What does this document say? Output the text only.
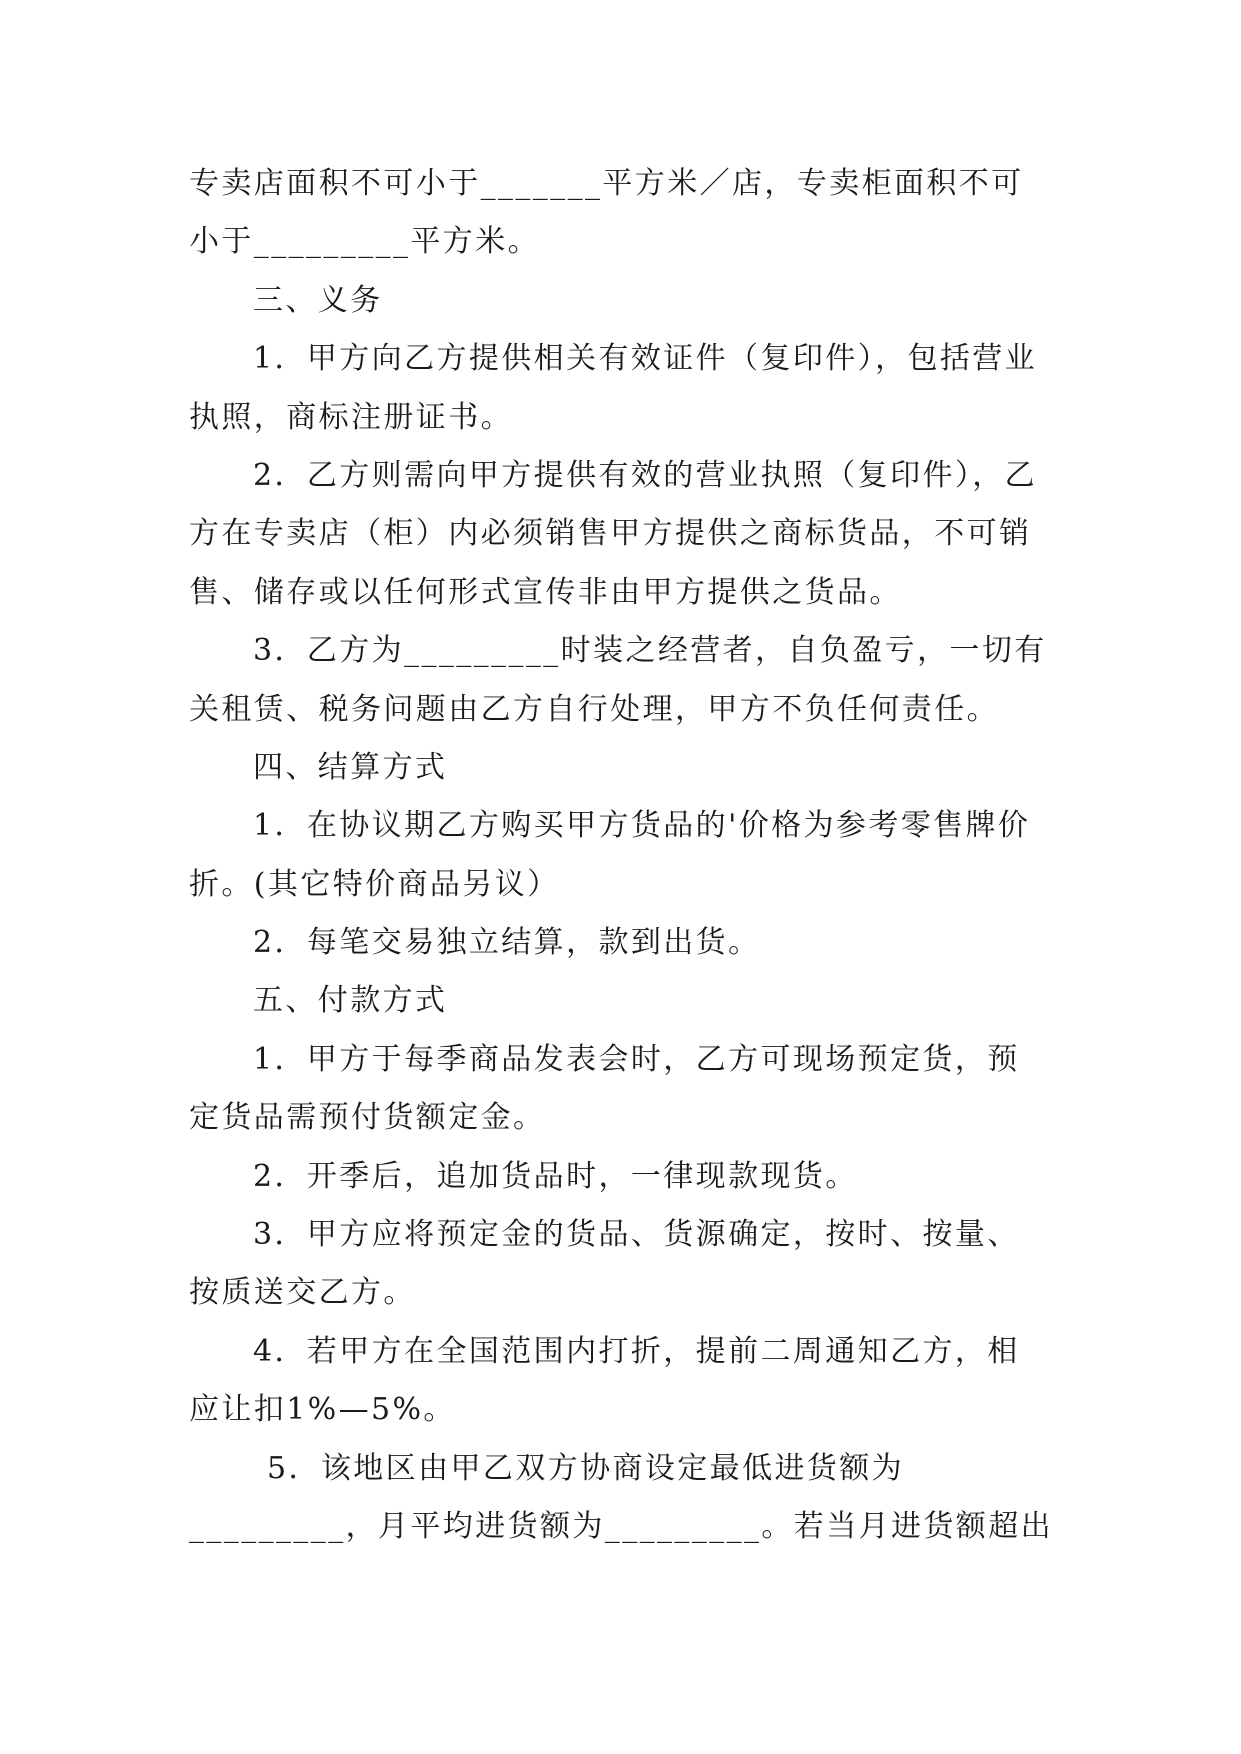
专卖店面积不可小于_______平方米／店，专卖柜面积不可
小于_________平方米。
三、义务
1．甲方向乙方提供相关有效证件（复印件），包括营业
执照，商标注册证书。
2．乙方则需向甲方提供有效的营业执照（复印件），乙
方在专卖店（柜）内必须销售甲方提供之商标货品，不可销
售、储存或以任何形式宣传非由甲方提供之货品。
3．乙方为_________时装之经营者，自负盈亏，一切有
关租赁、税务问题由乙方自行处理，甲方不负任何责任。
四、结算方式
1．在协议期乙方购买甲方货品的'价格为参考零售牌价
折。(其它特价商品另议）
2．每笔交易独立结算，款到出货。
五、付款方式
1．甲方于每季商品发表会时，乙方可现场预定货，预
定货品需预付货额定金。
2．开季后，追加货品时，一律现款现货。
3．甲方应将预定金的货品、货源确定，按时、按量、
按质送交乙方。
4．若甲方在全国范围内打折，提前二周通知乙方，相
应让扣1%—5%。
5．该地区由甲乙双方协商设定最低进货额为
_________，月平均进货额为_________。若当月进货额超出
